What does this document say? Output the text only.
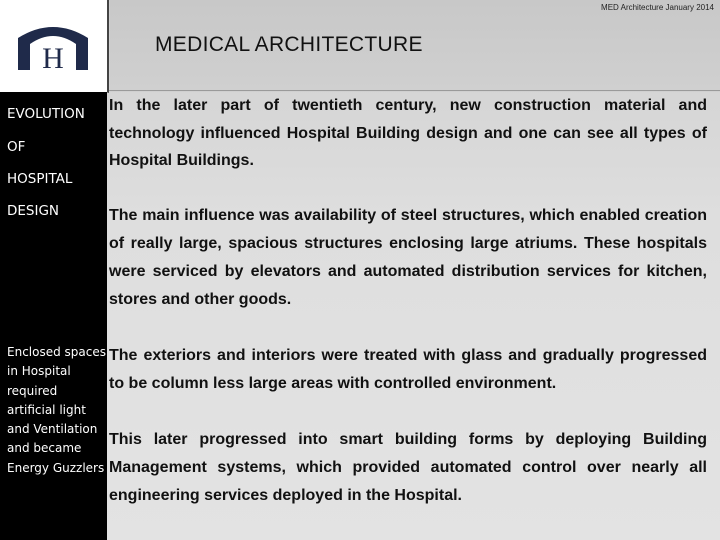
H
MED Architecture January 2014
MEDICAL ARCHITECTURE
EVOLUTION
OF
HOSPITAL
DESIGN
Enclosed spaces in Hospital required artificial light and Ventilation and became Energy Guzzlers
In the later part of twentieth century, new construction material and technology influenced Hospital Building design and one can see all types of Hospital Buildings.
The main influence was availability of steel structures, which enabled creation of really large, spacious structures enclosing large atriums. These hospitals were serviced by elevators and automated distribution services for kitchen, stores and other goods.
The exteriors and interiors were treated with glass and gradually progressed to be column less large areas with controlled environment.
This later progressed into smart building forms by deploying Building Management systems, which provided automated control over nearly all engineering services deployed in the Hospital.
